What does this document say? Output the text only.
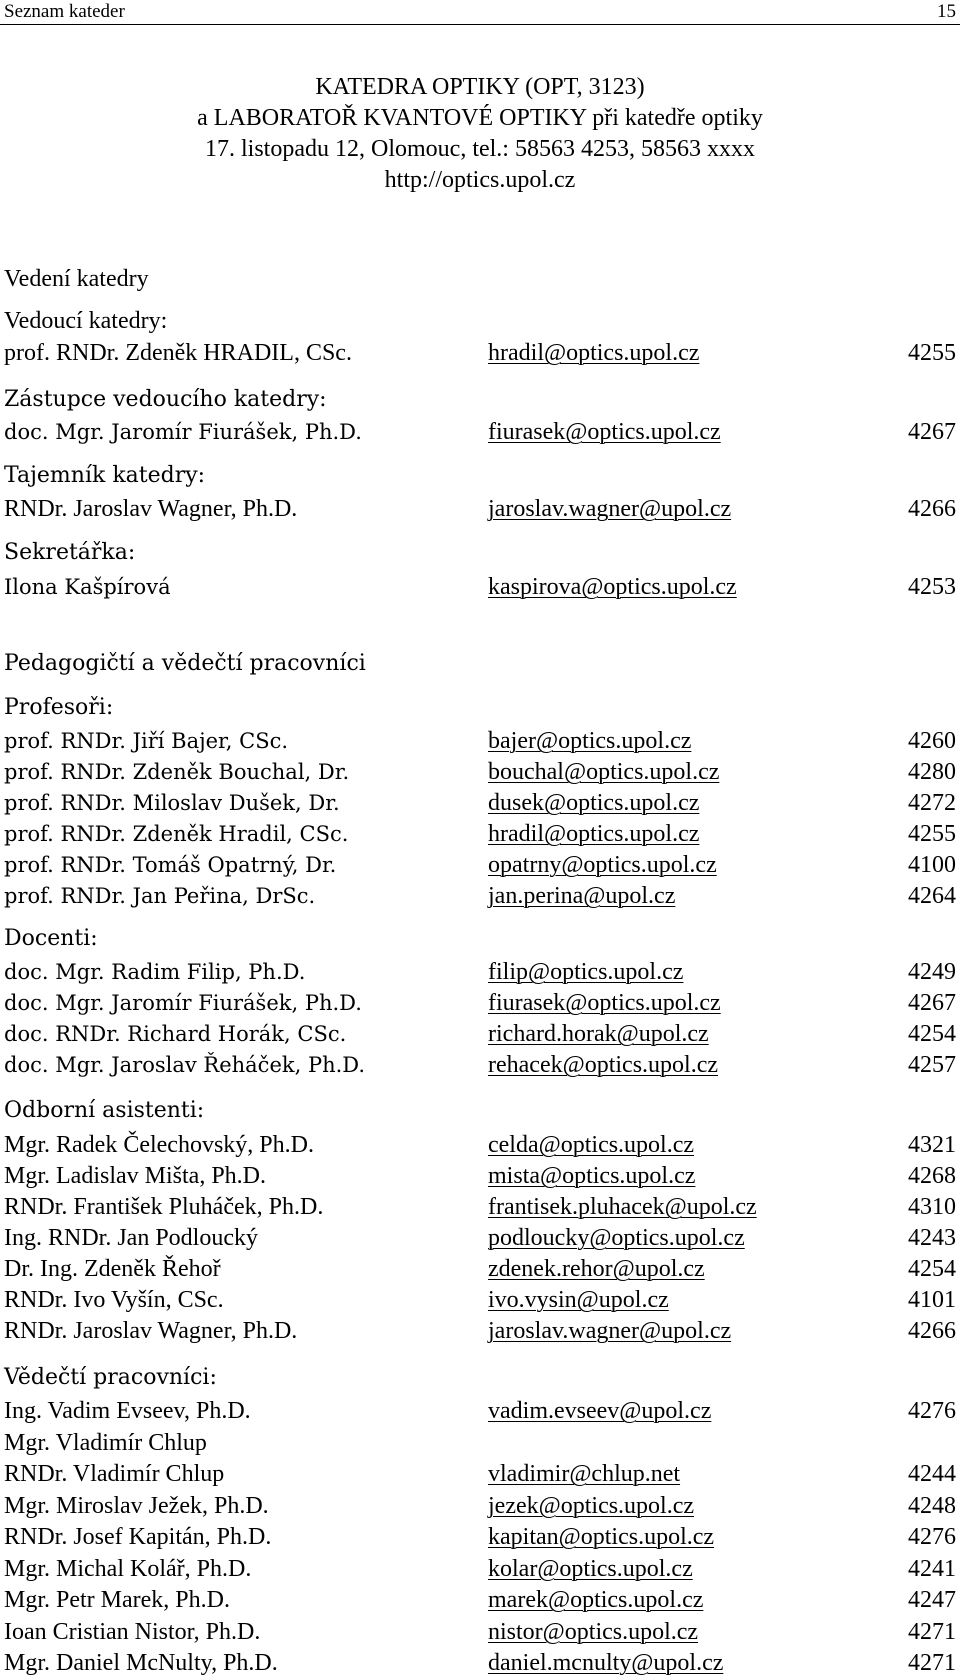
Seznam kateder	15
KATEDRA OPTIKY (OPT, 3123)
a LABORATOŘ KVANTOVÉ OPTIKY při katedře optiky
17. listopadu 12, Olomouc, tel.: 58563 4253, 58563 xxxx
http://optics.upol.cz
Vedení katedry
Vedoucí katedry:
prof. RNDr. Zdeněk HRADIL, CSc.	hradil@optics.upol.cz	4255
Zástupce vedoucího katedry:
doc. Mgr. Jaromír Fiurášek, Ph.D.	fiurasek@optics.upol.cz	4267
Tajemník katedry:
RNDr. Jaroslav Wagner, Ph.D.	jaroslav.wagner@upol.cz	4266
Sekretářka:
Ilona Kašpírová	kaspirova@optics.upol.cz	4253
Pedagogičtí a vědečtí pracovníci
Profesoři:
prof. RNDr. Jiří Bajer, CSc.	bajer@optics.upol.cz	4260
prof. RNDr. Zdeněk Bouchal, Dr.	bouchal@optics.upol.cz	4280
prof. RNDr. Miloslav Dušek, Dr.	dusek@optics.upol.cz	4272
prof. RNDr. Zdeněk Hradil, CSc.	hradil@optics.upol.cz	4255
prof. RNDr. Tomáš Opatrný, Dr.	opatrny@optics.upol.cz	4100
prof. RNDr. Jan Peřina, DrSc.	jan.perina@upol.cz	4264
Docenti:
doc. Mgr. Radim Filip, Ph.D.	filip@optics.upol.cz	4249
doc. Mgr. Jaromír Fiurášek, Ph.D.	fiurasek@optics.upol.cz	4267
doc. RNDr. Richard Horák, CSc.	richard.horak@upol.cz	4254
doc. Mgr. Jaroslav Řeháček, Ph.D.	rehacek@optics.upol.cz	4257
Odborní asistenti:
Mgr. Radek Čelechovský, Ph.D.	celda@optics.upol.cz	4321
Mgr. Ladislav Mišta, Ph.D.	mista@optics.upol.cz	4268
RNDr. František Pluháček, Ph.D.	frantisek.pluhacek@upol.cz	4310
Ing. RNDr. Jan Podloucký	podloucky@optics.upol.cz	4243
Dr. Ing. Zdeněk Řehoř	zdenek.rehor@upol.cz	4254
RNDr. Ivo Vyšín, CSc.	ivo.vysin@upol.cz	4101
RNDr. Jaroslav Wagner, Ph.D.	jaroslav.wagner@upol.cz	4266
Vědečtí pracovníci:
Ing. Vadim Evseev, Ph.D.	vadim.evseev@upol.cz	4276
Mgr. Vladimír Chlup
RNDr. Vladimír Chlup	vladimir@chlup.net	4244
Mgr. Miroslav Ježek, Ph.D.	jezek@optics.upol.cz	4248
RNDr. Josef Kapitán, Ph.D.	kapitan@optics.upol.cz	4276
Mgr. Michal Kolář, Ph.D.	kolar@optics.upol.cz	4241
Mgr. Petr Marek, Ph.D.	marek@optics.upol.cz	4247
Ioan Cristian Nistor, Ph.D.	nistor@optics.upol.cz	4271
Mgr. Daniel McNulty, Ph.D.	daniel.mcnulty@upol.cz	4271
